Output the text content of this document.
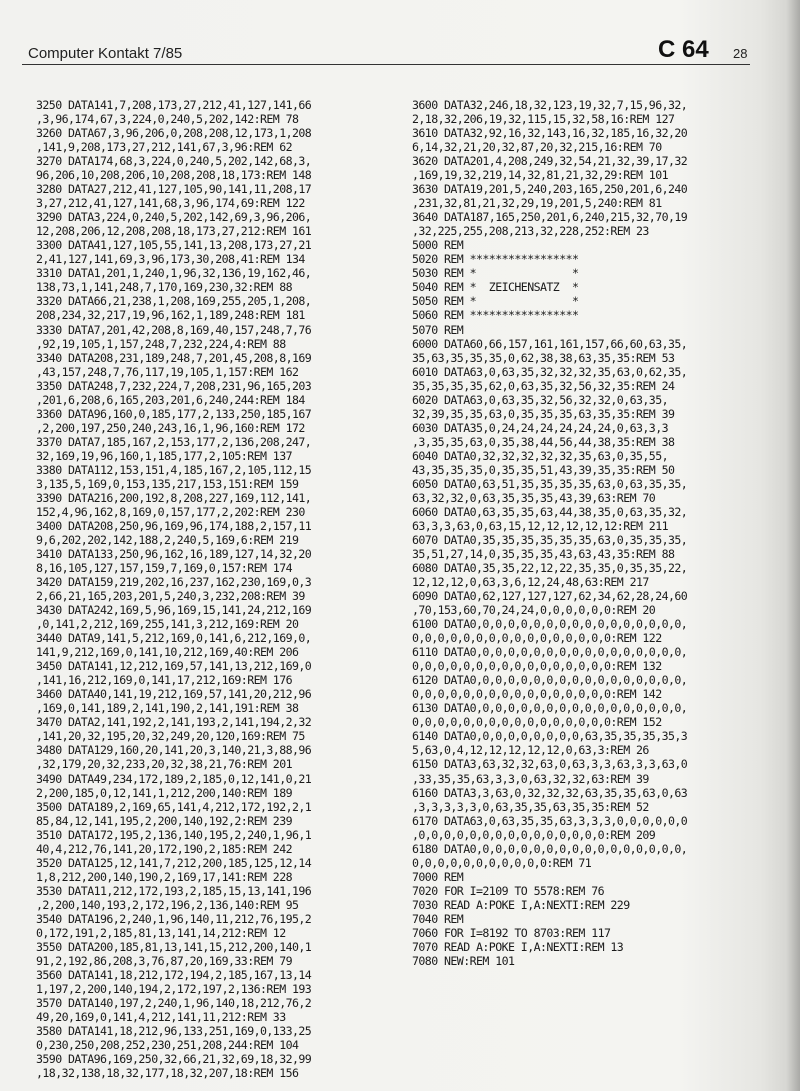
Computer Kontakt 7/85	C 64 28
3250 DATA141,7,208,173,27,212,41,127,141,66
,3,96,174,67,3,224,0,240,5,202,142:REM 78
3260 DATA67,3,96,206,0,208,208,12,173,1,208
,141,9,208,173,27,212,141,67,3,96:REM 62
3270 DATA174,68,3,224,0,240,5,202,142,68,3,
96,206,10,208,206,10,208,208,18,173:REM 148
3280 DATA27,212,41,127,105,90,141,11,208,17
3,27,212,41,127,141,68,3,96,174,69:REM 122
3290 DATA3,224,0,240,5,202,142,69,3,96,206,
12,208,206,12,208,208,18,173,27,212:REM 161
3300 DATA41,127,105,55,141,13,208,173,27,21
2,41,127,141,69,3,96,173,30,208,41:REM 134
3310 DATA1,201,1,240,1,96,32,136,19,162,46,
138,73,1,141,248,7,170,169,230,32:REM 88
3320 DATA66,21,238,1,208,169,255,205,1,208,
208,234,32,217,19,96,162,1,189,248:REM 181
3330 DATA7,201,42,208,8,169,40,157,248,7,76
,92,19,105,1,157,248,7,232,224,4:REM 88
3340 DATA208,231,189,248,7,201,45,208,8,169
,43,157,248,7,76,117,19,105,1,157:REM 162
3350 DATA248,7,232,224,7,208,231,96,165,203
,201,6,208,6,165,203,201,6,240,244:REM 184
3360 DATA96,160,0,185,177,2,133,250,185,167
,2,200,197,250,240,243,16,1,96,160:REM 172
3370 DATA7,185,167,2,153,177,2,136,208,247,
32,169,19,96,160,1,185,177,2,105:REM 137
3380 DATA112,153,151,4,185,167,2,105,112,15
3,135,5,169,0,153,135,217,153,151:REM 159
3390 DATA216,200,192,8,208,227,169,112,141,
152,4,96,162,8,169,0,157,177,2,202:REM 230
3400 DATA208,250,96,169,96,174,188,2,157,11
9,6,202,202,142,188,2,240,5,169,6:REM 219
3410 DATA133,250,96,162,16,189,127,14,32,20
8,16,105,127,157,159,7,169,0,157:REM 174
3420 DATA159,219,202,16,237,162,230,169,0,3
2,66,21,165,203,201,5,240,3,232,208:REM 39
3430 DATA242,169,5,96,169,15,141,24,212,169
,0,141,2,212,169,255,141,3,212,169:REM 20
3440 DATA9,141,5,212,169,0,141,6,212,169,0,
141,9,212,169,0,141,10,212,169,40:REM 206
3450 DATA141,12,212,169,57,141,13,212,169,0
,141,16,212,169,0,141,17,212,169:REM 176
3460 DATA40,141,19,212,169,57,141,20,212,96
,169,0,141,189,2,141,190,2,141,191:REM 38
3470 DATA2,141,192,2,141,193,2,141,194,2,32
,141,20,32,195,20,32,249,20,120,169:REM 75
3480 DATA129,160,20,141,20,3,140,21,3,88,96
,32,179,20,32,233,20,32,38,21,76:REM 201
3490 DATA49,234,172,189,2,185,0,12,141,0,21
2,200,185,0,12,141,1,212,200,140:REM 189
3500 DATA189,2,169,65,141,4,212,172,192,2,1
85,84,12,141,195,2,200,140,192,2:REM 239
3510 DATA172,195,2,136,140,195,2,240,1,96,1
40,4,212,76,141,20,172,190,2,185:REM 242
3520 DATA125,12,141,7,212,200,185,125,12,14
1,8,212,200,140,190,2,169,17,141:REM 228
3530 DATA11,212,172,193,2,185,15,13,141,196
,2,200,140,193,2,172,196,2,136,140:REM 95
3540 DATA196,2,240,1,96,140,11,212,76,195,2
0,172,191,2,185,81,13,141,14,212:REM 12
3550 DATA200,185,81,13,141,15,212,200,140,1
91,2,192,86,208,3,76,87,20,169,33:REM 79
3560 DATA141,18,212,172,194,2,185,167,13,14
1,197,2,200,140,194,2,172,197,2,136:REM 193
3570 DATA140,197,2,240,1,96,140,18,212,76,2
49,20,169,0,141,4,212,141,11,212:REM 33
3580 DATA141,18,212,96,133,251,169,0,133,25
0,230,250,208,252,230,251,208,244:REM 104
3590 DATA96,169,250,32,66,21,32,69,18,32,99
,18,32,138,18,32,177,18,32,207,18:REM 156
3600 DATA32,246,18,32,123,19,32,7,15,96,32,
2,18,32,206,19,32,115,15,32,58,16:REM 127
3610 DATA32,92,16,32,143,16,32,185,16,32,20
6,14,32,21,20,32,87,20,32,215,16:REM 70
3620 DATA201,4,208,249,32,54,21,32,39,17,32
,169,19,32,219,14,32,81,21,32,29:REM 101
3630 DATA19,201,5,240,203,165,250,201,6,240
,231,32,81,21,32,29,19,201,5,240:REM 81
3640 DATA187,165,250,201,6,240,215,32,70,19
,32,225,255,208,213,32,228,252:REM 23
5000 REM
5020 REM *****************
5030 REM *               *
5040 REM *  ZEICHENSATZ  *
5050 REM *               *
5060 REM *****************
5070 REM
6000 DATA60,66,157,161,161,157,66,60,63,35,
35,63,35,35,35,0,62,38,38,63,35,35:REM 53
6010 DATA63,0,63,35,32,32,32,35,63,0,62,35,
35,35,35,35,62,0,63,35,32,56,32,35:REM 24
6020 DATA63,0,63,35,32,56,32,32,0,63,35,
32,39,35,35,63,0,35,35,35,63,35,35:REM 39
6030 DATA35,0,24,24,24,24,24,24,0,63,3,3
,3,35,35,63,0,35,38,44,56,44,38,35:REM 38
6040 DATA0,32,32,32,32,32,35,63,0,35,55,
43,35,35,35,0,35,35,51,43,39,35,35:REM 50
6050 DATA0,63,51,35,35,35,35,63,0,63,35,35,
63,32,32,0,63,35,35,35,43,39,63:REM 70
6060 DATA0,63,35,35,63,44,38,35,0,63,35,32,
63,3,3,63,0,63,15,12,12,12,12,12:REM 211
6070 DATA0,35,35,35,35,35,35,63,0,35,35,35,
35,51,27,14,0,35,35,35,43,63,43,35:REM 88
6080 DATA0,35,35,22,12,22,35,35,0,35,35,22,
12,12,12,0,63,3,6,12,24,48,63:REM 217
6090 DATA0,62,127,127,127,62,34,62,28,24,60
,70,153,60,70,24,24,0,0,0,0,0,0:REM 20
6100 DATA0,0,0,0,0,0,0,0,0,0,0,0,0,0,0,0,0,
0,0,0,0,0,0,0,0,0,0,0,0,0,0,0,0:REM 122
6110 DATA0,0,0,0,0,0,0,0,0,0,0,0,0,0,0,0,0,
0,0,0,0,0,0,0,0,0,0,0,0,0,0,0,0:REM 132
6120 DATA0,0,0,0,0,0,0,0,0,0,0,0,0,0,0,0,0,
0,0,0,0,0,0,0,0,0,0,0,0,0,0,0,0:REM 142
6130 DATA0,0,0,0,0,0,0,0,0,0,0,0,0,0,0,0,0,
0,0,0,0,0,0,0,0,0,0,0,0,0,0,0,0:REM 152
6140 DATA0,0,0,0,0,0,0,0,0,63,35,35,35,35,3
5,63,0,4,12,12,12,12,12,0,63,3:REM 26
6150 DATA3,63,32,32,63,0,63,3,3,63,3,3,63,0
,33,35,35,63,3,3,0,63,32,32,63:REM 39
6160 DATA3,3,63,0,32,32,32,63,35,35,63,0,63
,3,3,3,3,3,0,63,35,35,63,35,35:REM 52
6170 DATA63,0,63,35,35,63,3,3,3,0,0,0,0,0,0
,0,0,0,0,0,0,0,0,0,0,0,0,0,0,0:REM 209
6180 DATA0,0,0,0,0,0,0,0,0,0,0,0,0,0,0,0,0,
0,0,0,0,0,0,0,0,0,0,0:REM 71
7000 REM
7020 FOR I=2109 TO 5578:REM 76
7030 READ A:POKE I,A:NEXTI:REM 229
7040 REM
7060 FOR I=8192 TO 8703:REM 117
7070 READ A:POKE I,A:NEXTI:REM 13
7080 NEW:REM 101
